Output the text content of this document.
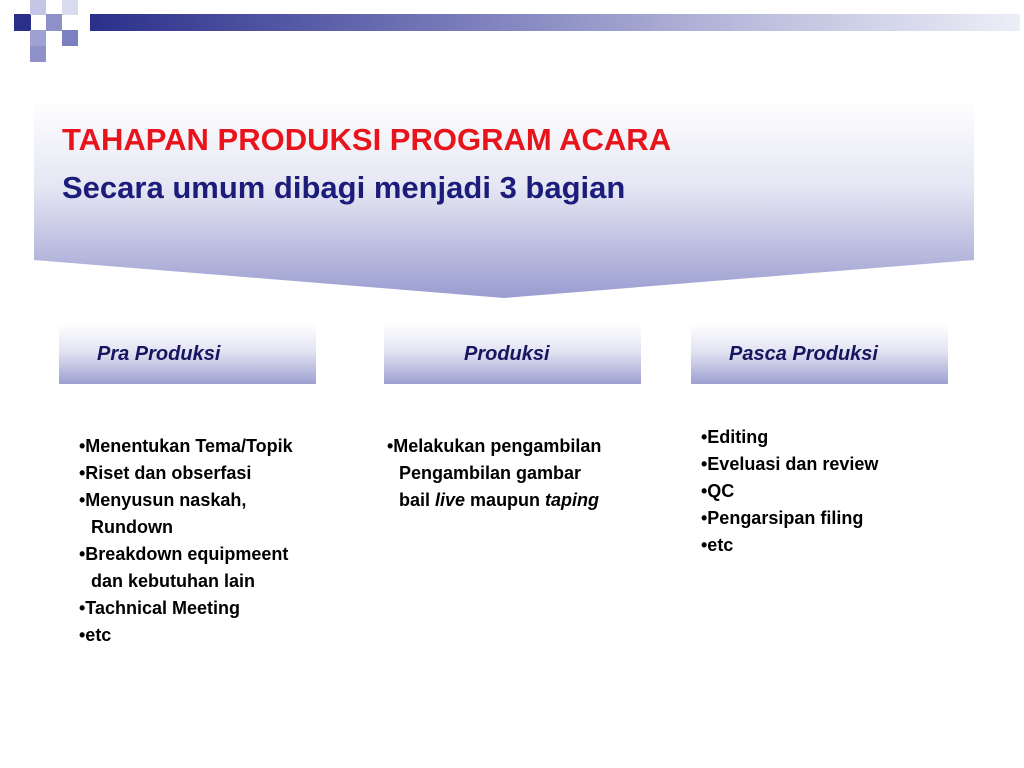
TAHAPAN PRODUKSI PROGRAM ACARA
Secara umum dibagi menjadi 3 bagian
Pra Produksi	Produksi	Pasca Produksi
•Menentukan Tema/Topik
•Riset dan obserfasi
•Menyusun naskah,
Rundown
•Breakdown equipmeent
dan kebutuhan lain
•Tachnical Meeting
•etc
•Melakukan pengambilan
Pengambilan gambar
bail live maupun taping
•Editing
•Eveluasi dan review
•QC
•Pengarsipan filing
•etc
